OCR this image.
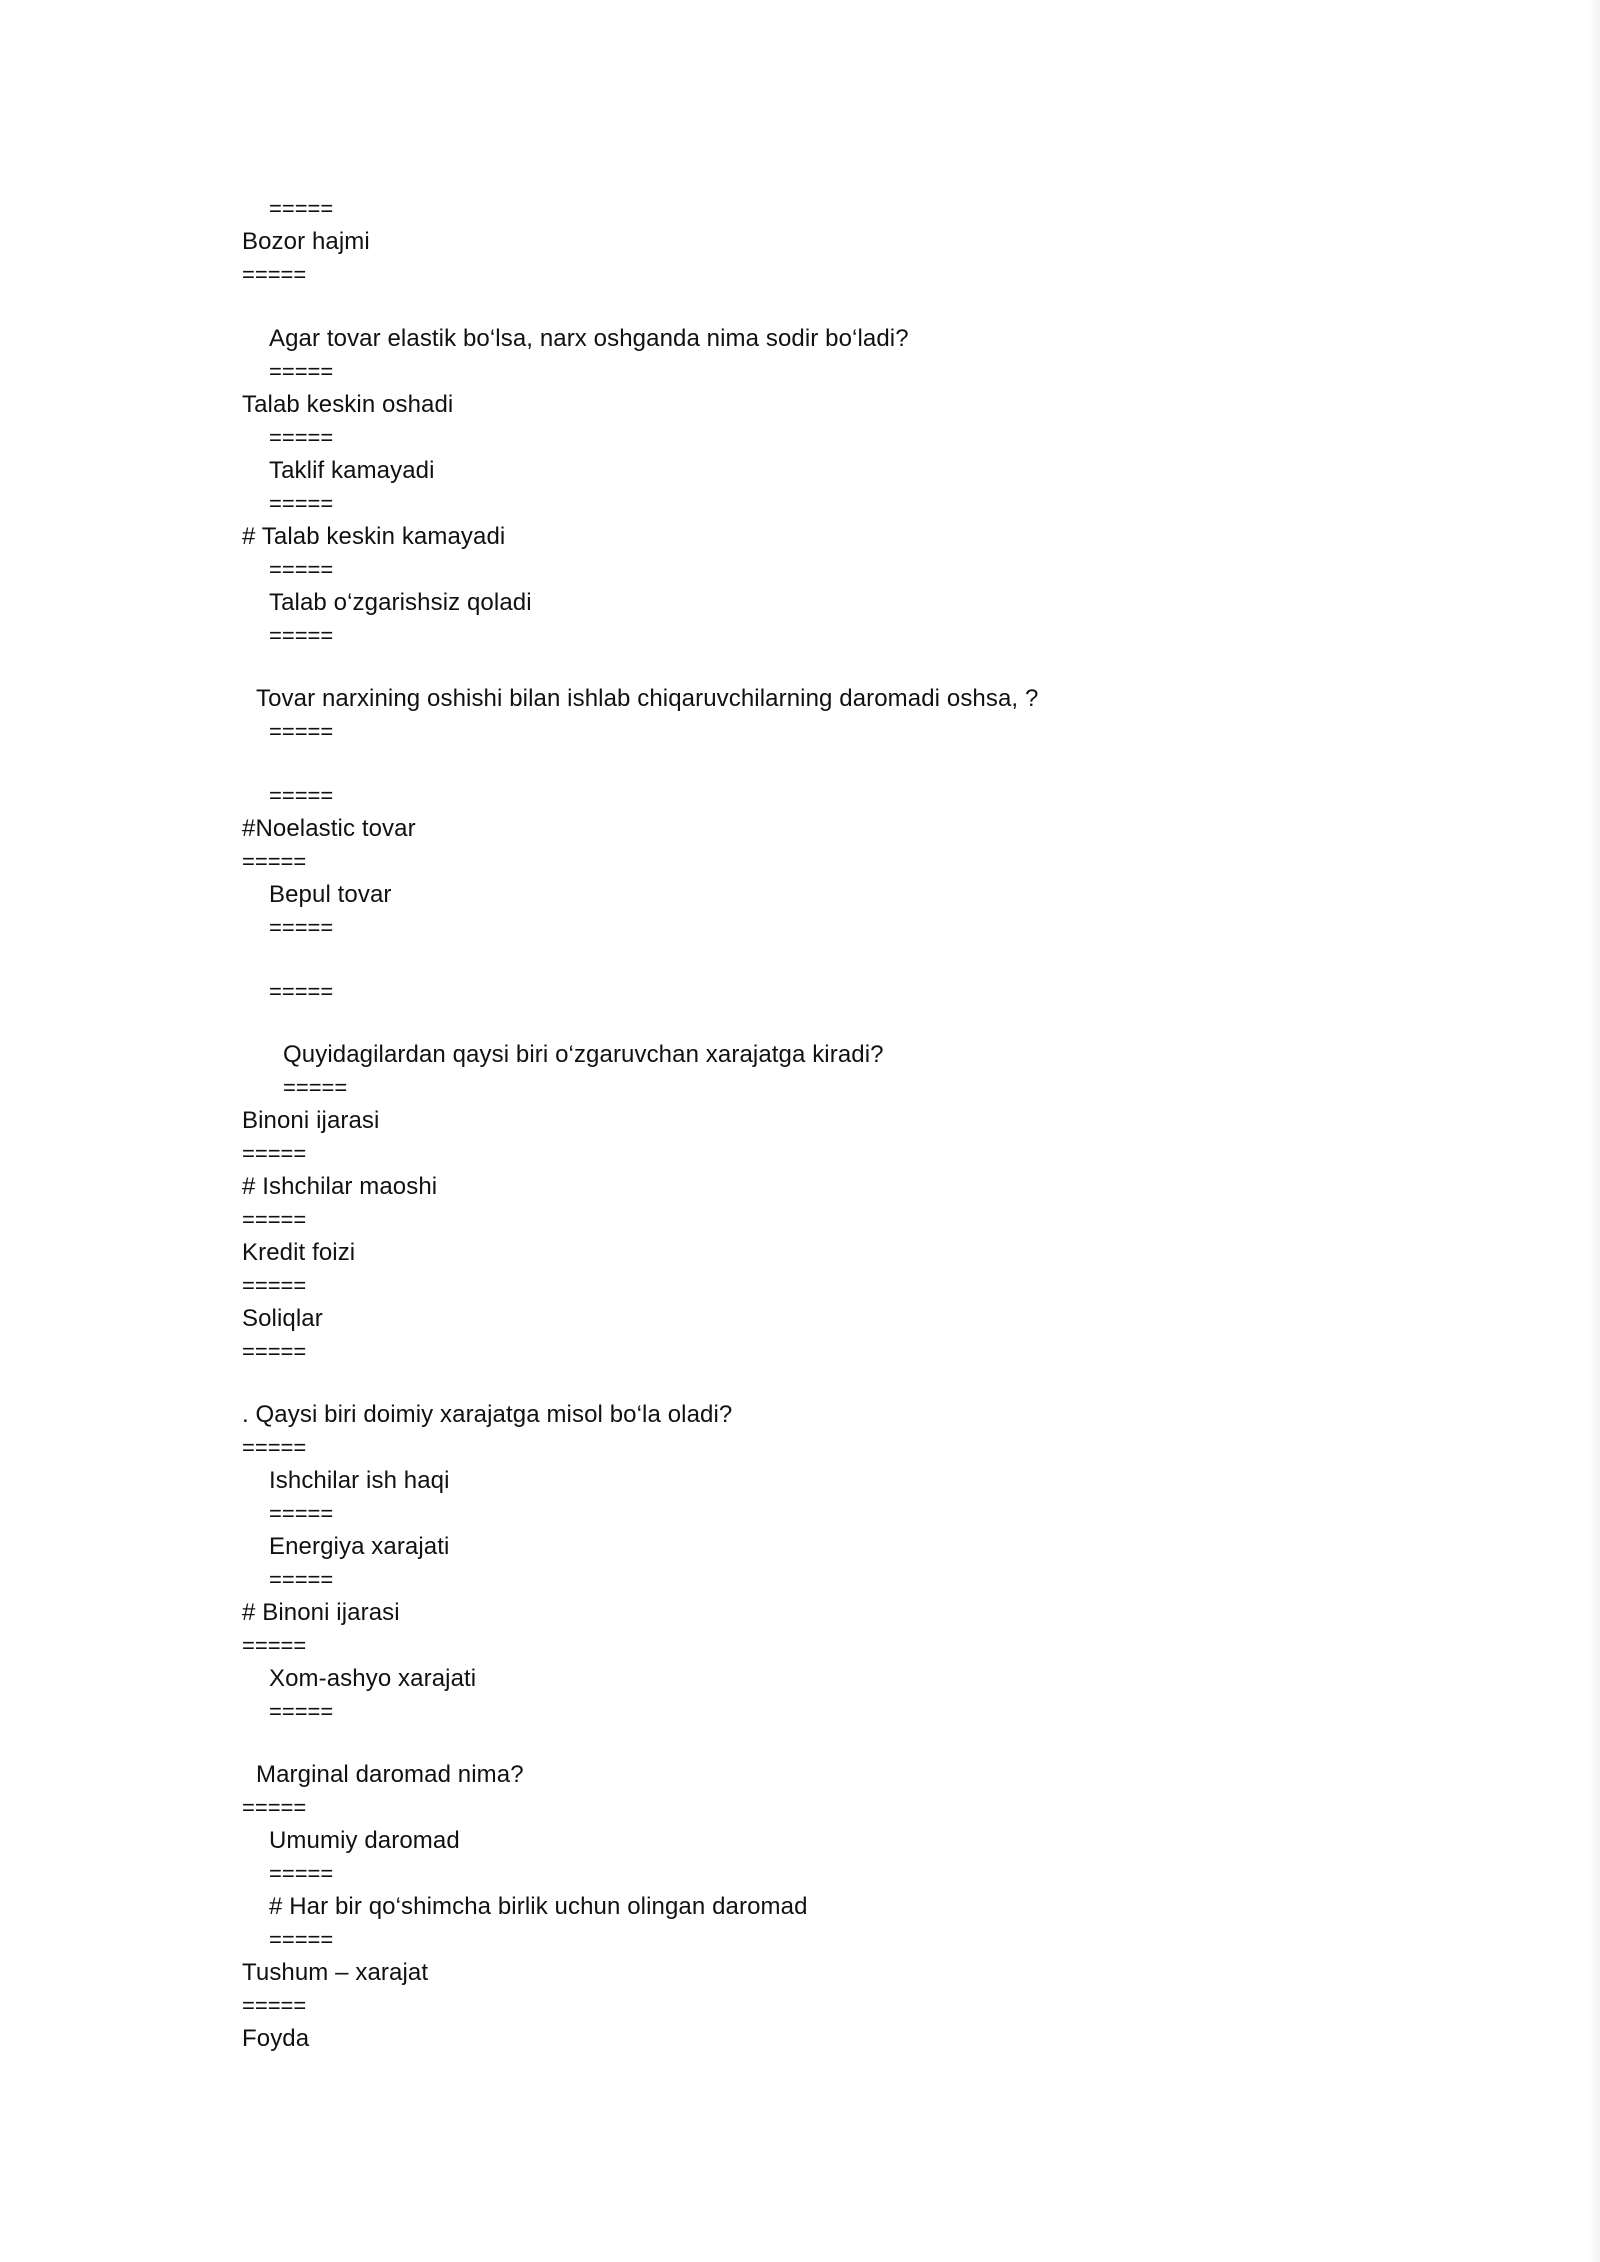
=====
Bozor hajmi
=====
Agar tovar elastik bo‘lsa, narx oshganda nima sodir bo‘ladi?
=====
Talab keskin oshadi
=====
Taklif kamayadi
=====
# Talab keskin kamayadi
=====
Talab o‘zgarishsiz qoladi
=====
Tovar narxining oshishi bilan ishlab chiqaruvchilarning daromadi oshsa, ?
=====
=====
#Noelastic tovar
=====
Bepul tovar
=====
=====
Quyidagilardan qaysi biri o‘zgaruvchan xarajatga kiradi?
=====
Binoni ijarasi
=====
# Ishchilar maoshi
=====
Kredit foizi
=====
Soliqlar
=====
. Qaysi biri doimiy xarajatga misol bo‘la oladi?
=====
Ishchilar ish haqi
=====
Energiya xarajati
=====
# Binoni ijarasi
=====
Xom-ashyo xarajati
=====
Marginal daromad nima?
=====
Umumiy daromad
=====
# Har bir qo‘shimcha birlik uchun olingan daromad
=====
Tushum – xarajat
=====
Foyda
